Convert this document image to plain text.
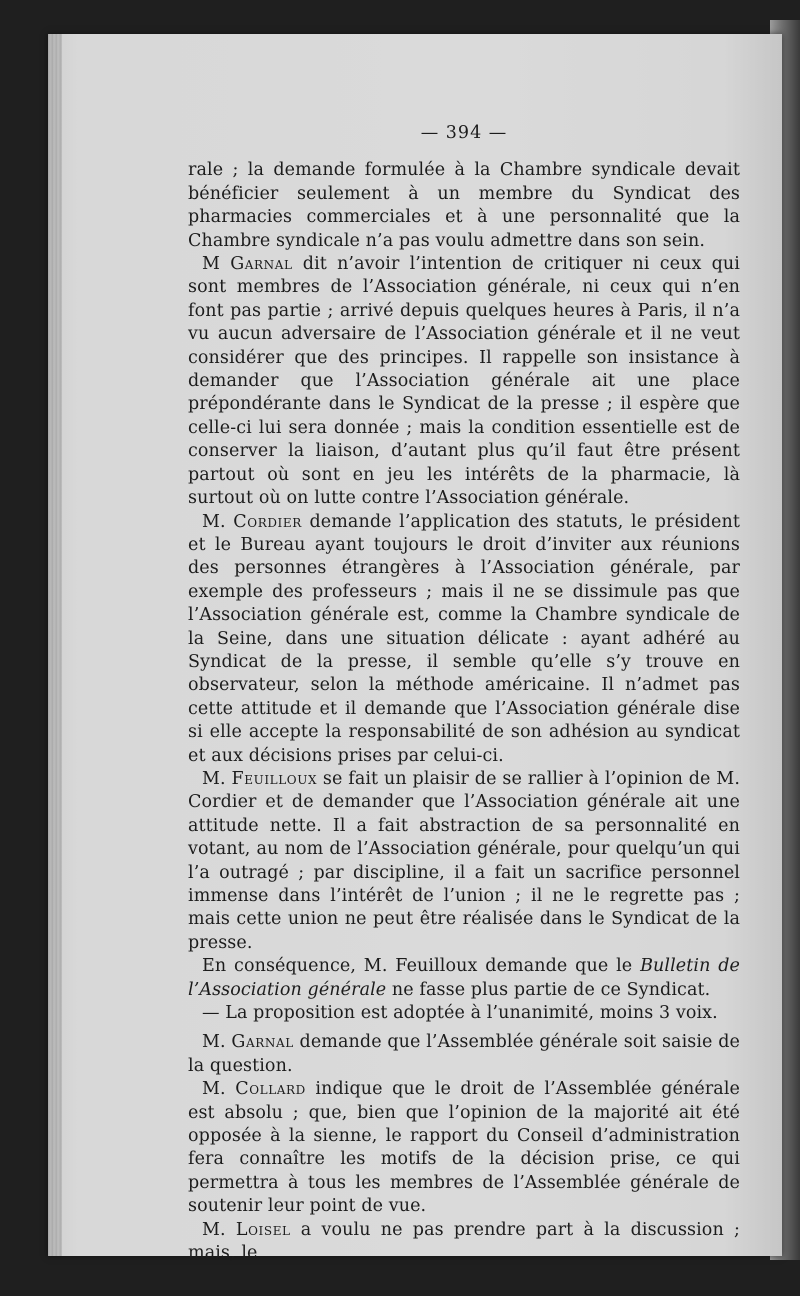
— 394 —

rale ; la demande formulée à la Chambre syndicale devait bénéficier seulement à un membre du Syndicat des pharmacies commerciales et à une personnalité que la Chambre syndicale n’a pas voulu admettre dans son sein.

M Garnal dit n’avoir l’intention de critiquer ni ceux qui sont membres de l’Association générale, ni ceux qui n’en font pas partie ; arrivé depuis quelques heures à Paris, il n’a vu aucun adversaire de l’Association générale et il ne veut considérer que des principes. Il rappelle son insistance à demander que l’Association générale ait une place prépondérante dans le Syndicat de la presse ; il espère que celle-ci lui sera donnée ; mais la condition essentielle est de conserver la liaison, d’autant plus qu’il faut être présent partout où sont en jeu les intérêts de la pharmacie, là surtout où on lutte contre l’Association générale.

M. Cordier demande l’application des statuts, le président et le Bureau ayant toujours le droit d’inviter aux réunions des personnes étrangères à l’Association générale, par exemple des professeurs ; mais il ne se dissimule pas que l’Association générale est, comme la Chambre syndicale de la Seine, dans une situation délicate : ayant adhéré au Syndicat de la presse, il semble qu’elle s’y trouve en observateur, selon la méthode américaine. Il n’admet pas cette attitude et il demande que l’Association générale dise si elle accepte la responsabilité de son adhésion au syndicat et aux décisions prises par celui-ci.

M. Feuilloux se fait un plaisir de se rallier à l’opinion de M. Cordier et de demander que l’Association générale ait une attitude nette. Il a fait abstraction de sa personnalité en votant, au nom de l’Association générale, pour quelqu’un qui l’a outragé ; par discipline, il a fait un sacrifice personnel immense dans l’intérêt de l’union ; il ne le regrette pas ; mais cette union ne peut être réalisée dans le Syndicat de la presse.

En conséquence, M. Feuilloux demande que le Bulletin de l’Association générale ne fasse plus partie de ce Syndicat.

— La proposition est adoptée à l’unanimité, moins 3 voix.

M. Garnal demande que l’Assemblée générale soit saisie de la question.

M. Collard indique que le droit de l’Assemblée générale est absolu ; que, bien que l’opinion de la majorité ait été opposée à la sienne, le rapport du Conseil d’administration fera connaître les motifs de la décision prise, ce qui permettra à tous les membres de l’Assemblée générale de soutenir leur point de vue.

M. Loisel a voulu ne pas prendre part à la discussion ; mais, le
